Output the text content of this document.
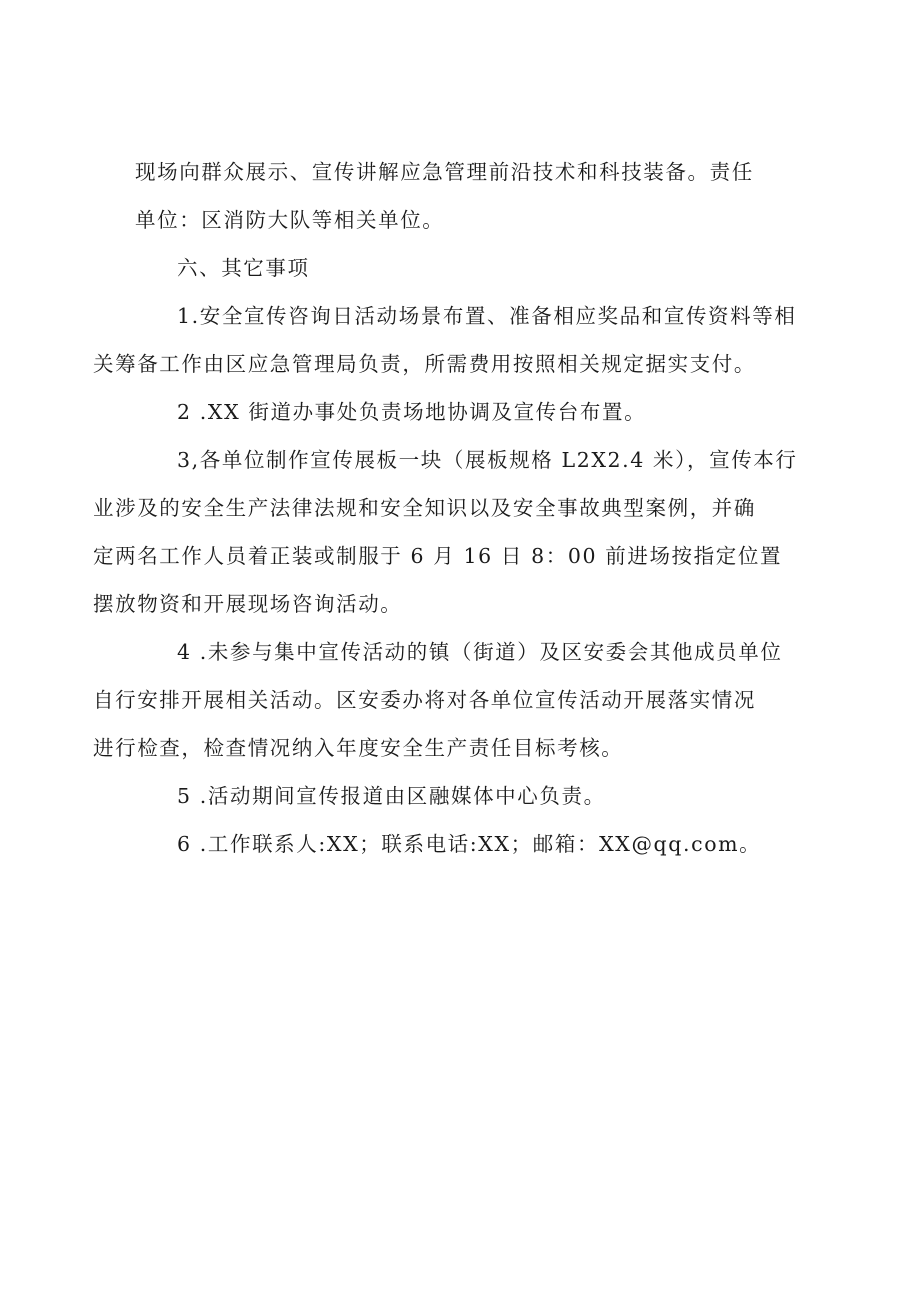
现场向群众展示、宣传讲解应急管理前沿技术和科技装备。责任
单位：区消防大队等相关单位。

六、其它事项

1.安全宣传咨询日活动场景布置、准备相应奖品和宣传资料等相
关筹备工作由区应急管理局负责，所需费用按照相关规定据实支付。

2 .XX 街道办事处负责场地协调及宣传台布置。

3,各单位制作宣传展板一块（展板规格 L2X2.4 米），宣传本行
业涉及的安全生产法律法规和安全知识以及安全事故典型案例，并确
定两名工作人员着正装或制服于 6 月 16 日 8：00 前进场按指定位置
摆放物资和开展现场咨询活动。

4 .未参与集中宣传活动的镇（街道）及区安委会其他成员单位
自行安排开展相关活动。区安委办将对各单位宣传活动开展落实情况
进行检查，检查情况纳入年度安全生产责任目标考核。

5 .活动期间宣传报道由区融媒体中心负责。

6 .工作联系人:XX；联系电话:XX；邮箱：XX@qq.com。
